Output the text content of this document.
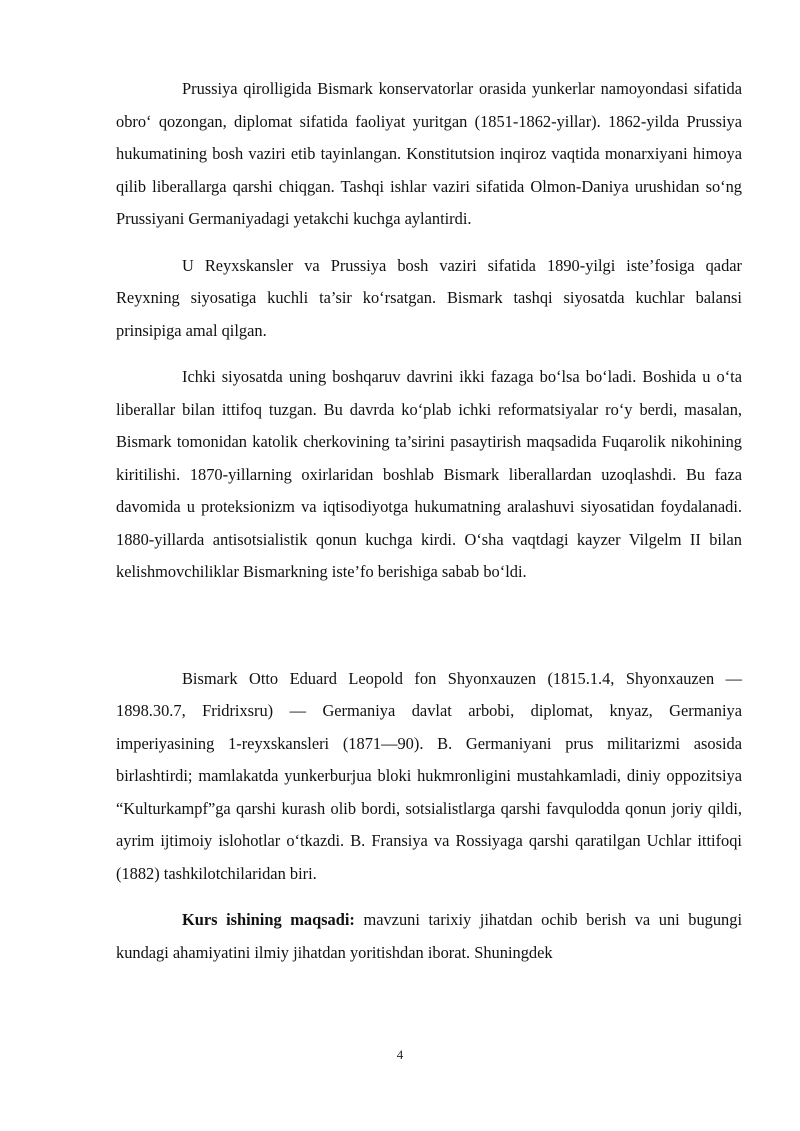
Prussiya qirolligida Bismark konservatorlar orasida yunkerlar namoyondasi sifatida obro‘ qozongan, diplomat sifatida faoliyat yuritgan (1851-1862-yillar). 1862-yilda Prussiya hukumatining bosh vaziri etib tayinlangan. Konstitutsion inqiroz vaqtida monarxiyani himoya qilib liberallarga qarshi chiqgan. Tashqi ishlar vaziri sifatida Olmon-Daniya urushidan so‘ng Prussiyani Germaniyadagi yetakchi kuchga aylantirdi.

U Reyxskansler va Prussiya bosh vaziri sifatida 1890-yilgi iste’fosiga qadar Reyxning siyosatiga kuchli ta’sir ko‘rsatgan. Bismark tashqi siyosatda kuchlar balansi prinsipiga amal qilgan.

Ichki siyosatda uning boshqaruv davrini ikki fazaga bo‘lsa bo‘ladi. Boshida u o‘ta liberallar bilan ittifoq tuzgan. Bu davrda ko‘plab ichki reformatsiyalar ro‘y berdi, masalan, Bismark tomonidan katolik cherkovining ta’sirini pasaytirish maqsadida Fuqarolik nikohining kiritilishi. 1870-yillarning oxirlaridan boshlab Bismark liberallardan uzoqlashdi. Bu faza davomida u proteksionizm va iqtisodiyotga hukumatning aralashuvi siyosatidan foydalanadi. 1880-yillarda antisotsialistik qonun kuchga kirdi. O‘sha vaqtdagi kayzer Vilgelm II bilan kelishmovchiliklar Bismarkning iste’fo berishiga sabab bo‘ldi.

Bismark Otto Eduard Leopold fon Shyonxauzen (1815.1.4, Shyonxauzen —1898.30.7, Fridrixsru) — Germaniya davlat arbobi, diplomat, knyaz, Germaniya imperiyasining 1-reyxskansleri (1871—90). B. Germaniyani prus militarizmi asosida birlashtirdi; mamlakatda yunkerburjua bloki hukmronligini mustahkamladi, diniy oppozitsiya “Kulturkampf”ga qarshi kurash olib bordi, sotsialistlarga qarshi favqulodda qonun joriy qildi, ayrim ijtimoiy islohotlar o‘tkazdi. B. Fransiya va Rossiyaga qarshi qaratilgan Uchlar ittifoqi (1882) tashkilotchilaridan biri.

Kurs ishining maqsadi: mavzuni tarixiy jihatdan ochib berish va uni bugungi kundagi ahamiyatini ilmiy jihatdan yoritishdan iborat. Shuningdek

4
